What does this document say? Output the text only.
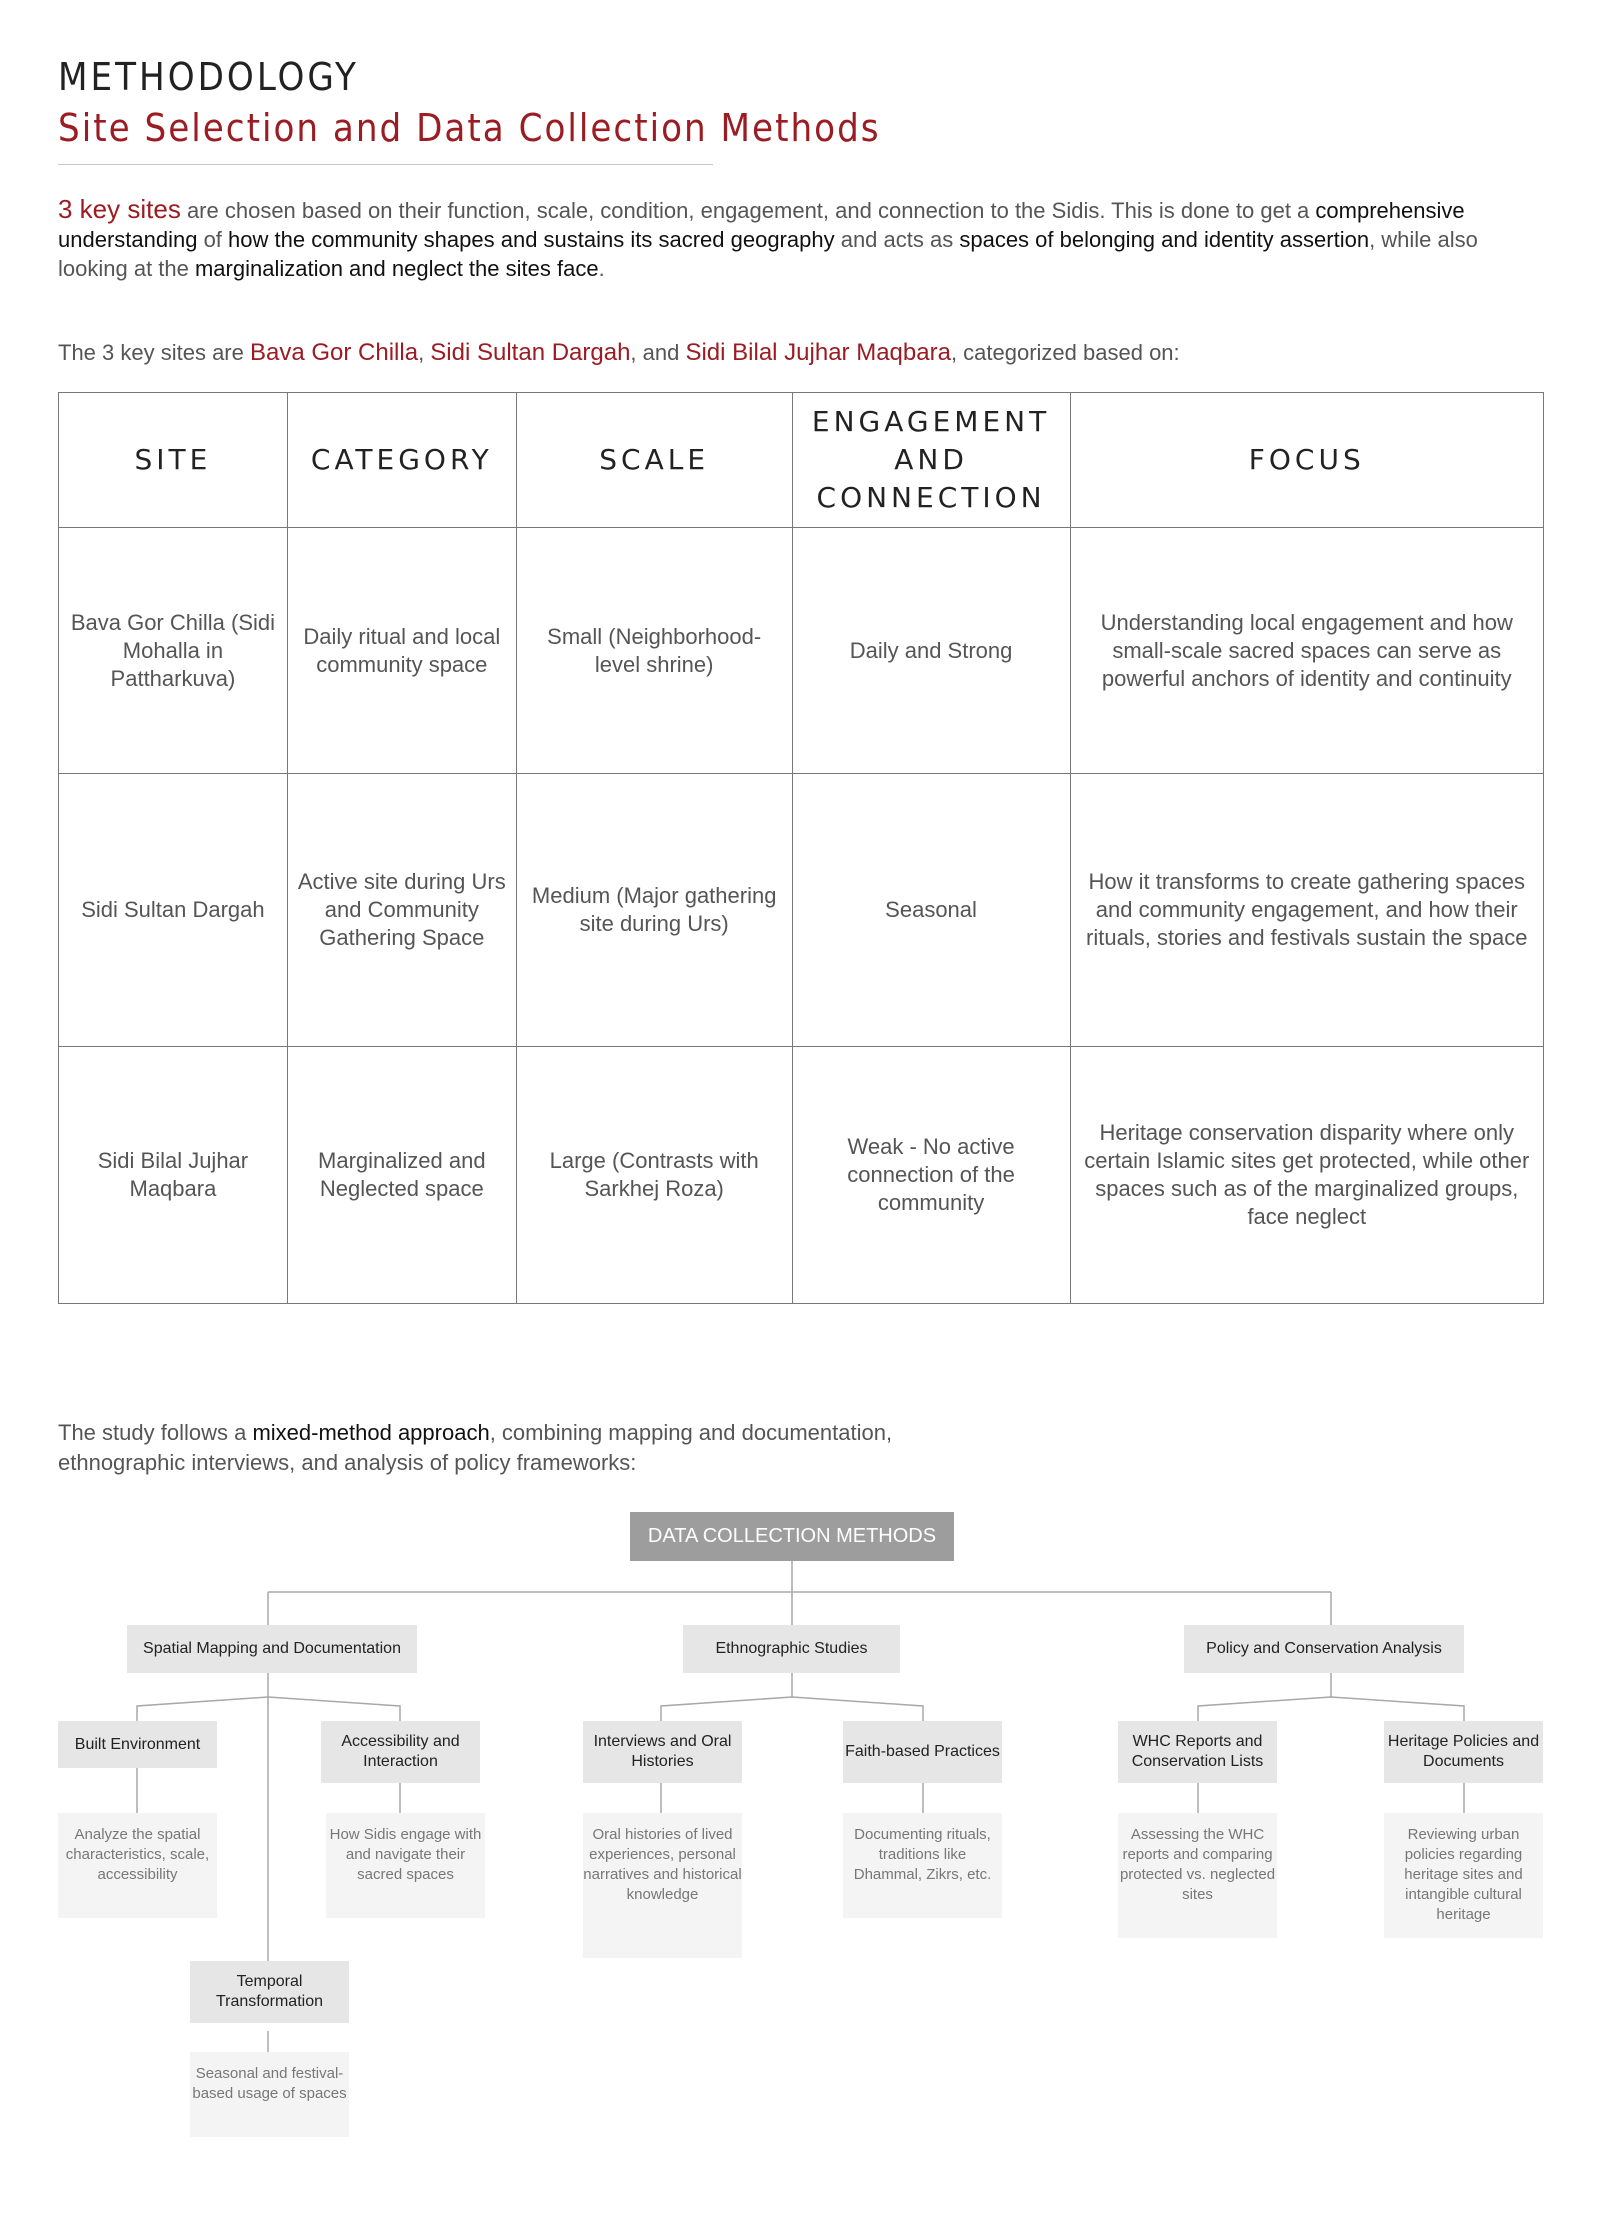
METHODOLOGY
Site Selection and Data Collection Methods

3 key sites are chosen based on their function, scale, condition, engagement, and connection to the Sidis. This is done to get a comprehensive understanding of how the community shapes and sustains its sacred geography and acts as spaces of belonging and identity assertion, while also looking at the marginalization and neglect the sites face.

The 3 key sites are Bava Gor Chilla, Sidi Sultan Dargah, and Sidi Bilal Jujhar Maqbara, categorized based on:

SITE	CATEGORY	SCALE	ENGAGEMENT AND CONNECTION	FOCUS
Bava Gor Chilla (Sidi Mohalla in Pattharkuva)	Daily ritual and local community space	Small (Neighborhood-level shrine)	Daily and Strong	Understanding local engagement and how small-scale sacred spaces can serve as powerful anchors of identity and continuity
Sidi Sultan Dargah	Active site during Urs and Community Gathering Space	Medium (Major gathering site during Urs)	Seasonal	How it transforms to create gathering spaces and community engagement, and how their rituals, stories and festivals sustain the space
Sidi Bilal Jujhar Maqbara	Marginalized and Neglected space	Large (Contrasts with Sarkhej Roza)	Weak - No active connection of the community	Heritage conservation disparity where only certain Islamic sites get protected, while other spaces such as of the marginalized groups, face neglect

The study follows a mixed-method approach, combining mapping and documentation, ethnographic interviews, and analysis of policy frameworks:

DATA COLLECTION METHODS
Spatial Mapping and Documentation	Ethnographic Studies	Policy and Conservation Analysis
Built Environment	Accessibility and Interaction
Interviews and Oral Histories
Faith-based Practices
WHC Reports and Conservation Lists
Heritage Policies and Documents
Temporal Transformation
Analyze the spatial characteristics, scale, accessibility
How Sidis engage with and navigate their sacred spaces
Oral histories of lived experiences, personal narratives and historical knowledge
Documenting rituals, traditions like Dhammal, Zikrs, etc.
Assessing the WHC reports and comparing protected vs. neglected sites
Reviewing urban policies regarding heritage sites and intangible cultural heritage
Seasonal and festival-based usage of spaces
